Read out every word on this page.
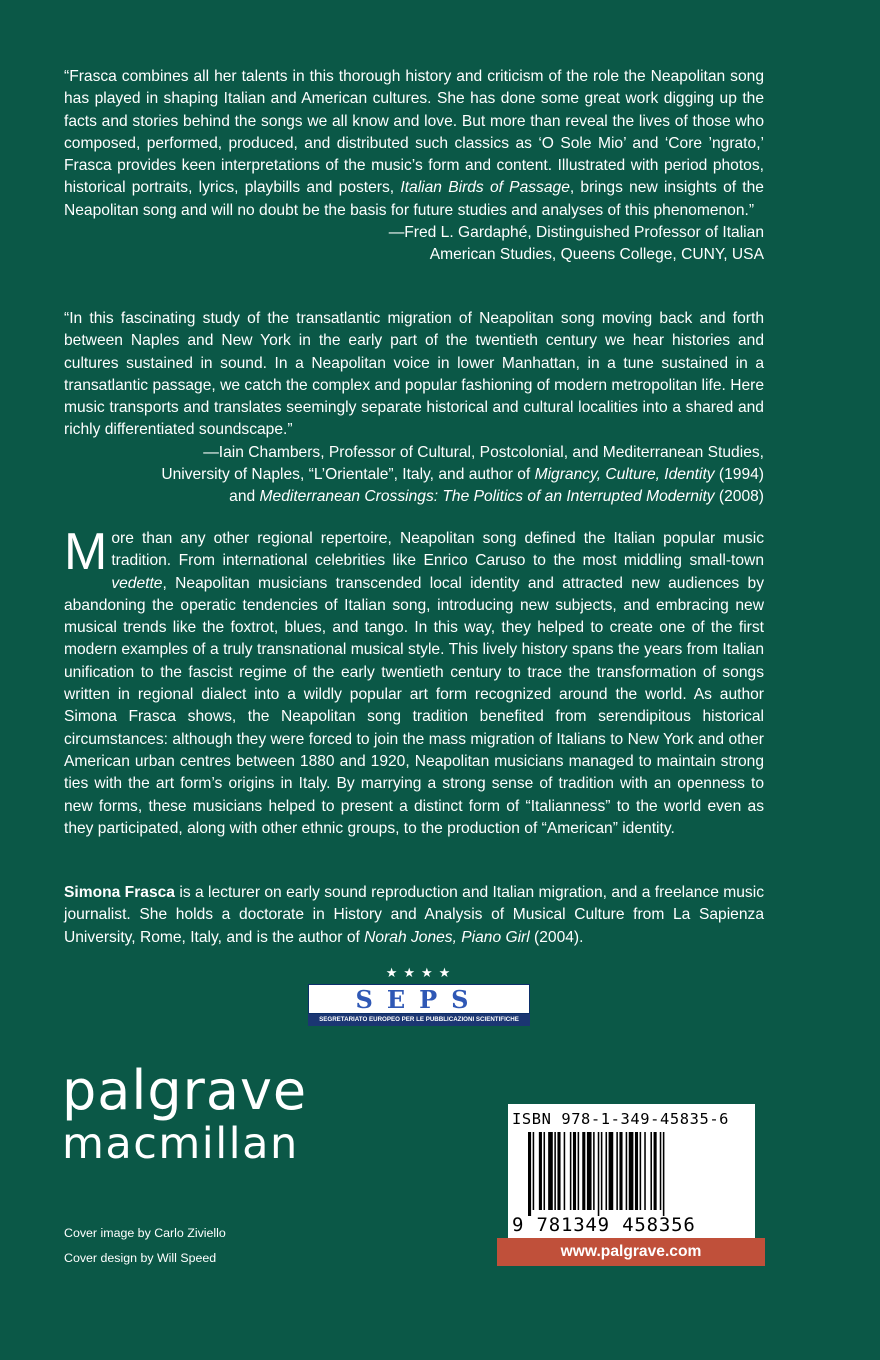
“Frasca combines all her talents in this thorough history and criticism of the role the Neapolitan song has played in shaping Italian and American cultures. She has done some great work digging up the facts and stories behind the songs we all know and love. But more than reveal the lives of those who composed, performed, produced, and distributed such classics as ‘O Sole Mio’ and ‘Core ’ngrato,’ Frasca provides keen interpretations of the music’s form and content. Illustrated with period photos, historical portraits, lyrics, playbills and posters, Italian Birds of Passage, brings new insights of the Neapolitan song and will no doubt be the basis for future studies and analyses of this phenomenon.”

—Fred L. Gardaphé, Distinguished Professor of Italian
American Studies, Queens College, CUNY, USA

“In this fascinating study of the transatlantic migration of Neapolitan song moving back and forth between Naples and New York in the early part of the twentieth century we hear histories and cultures sustained in sound. In a Neapolitan voice in lower Manhattan, in a tune sustained in a transatlantic passage, we catch the complex and popular fashioning of modern metropolitan life. Here music transports and translates seemingly separate historical and cultural localities into a shared and richly differentiated soundscape.”

—Iain Chambers, Professor of Cultural, Postcolonial, and Mediterranean Studies,
University of Naples, “L’Orientale”, Italy, and author of Migrancy, Culture, Identity (1994)
and Mediterranean Crossings: The Politics of an Interrupted Modernity (2008)

More than any other regional repertoire, Neapolitan song defined the Italian popular music tradition. From international celebrities like Enrico Caruso to the most middling small-town vedette, Neapolitan musicians transcended local identity and attracted new audiences by abandoning the operatic tendencies of Italian song, introducing new subjects, and embracing new musical trends like the foxtrot, blues, and tango. In this way, they helped to create one of the first modern examples of a truly transnational musical style. This lively history spans the years from Italian unification to the fascist regime of the early twentieth century to trace the transformation of songs written in regional dialect into a wildly popular art form recognized around the world. As author Simona Frasca shows, the Neapolitan song tradition benefited from serendipitous historical circumstances: although they were forced to join the mass migration of Italians to New York and other American urban centres between 1880 and 1920, Neapolitan musicians managed to maintain strong ties with the art form’s origins in Italy. By marrying a strong sense of tradition with an openness to new forms, these musicians helped to present a distinct form of “Italianness” to the world even as they participated, along with other ethnic groups, to the production of “American” identity.

Simona Frasca is a lecturer on early sound reproduction and Italian migration, and a freelance music journalist. She holds a doctorate in History and Analysis of Musical Culture from La Sapienza University, Rome, Italy, and is the author of Norah Jones, Piano Girl (2004).

★★★★
SEPS
SEGRETARIATO EUROPEO PER LE PUBBLICAZIONI SCIENTIFICHE
palgrave
macmillan
Cover image by Carlo Ziviello
Cover design by Will Speed
ISBN 978-1-349-45835-6
9 781349 458356
www.palgrave.com
